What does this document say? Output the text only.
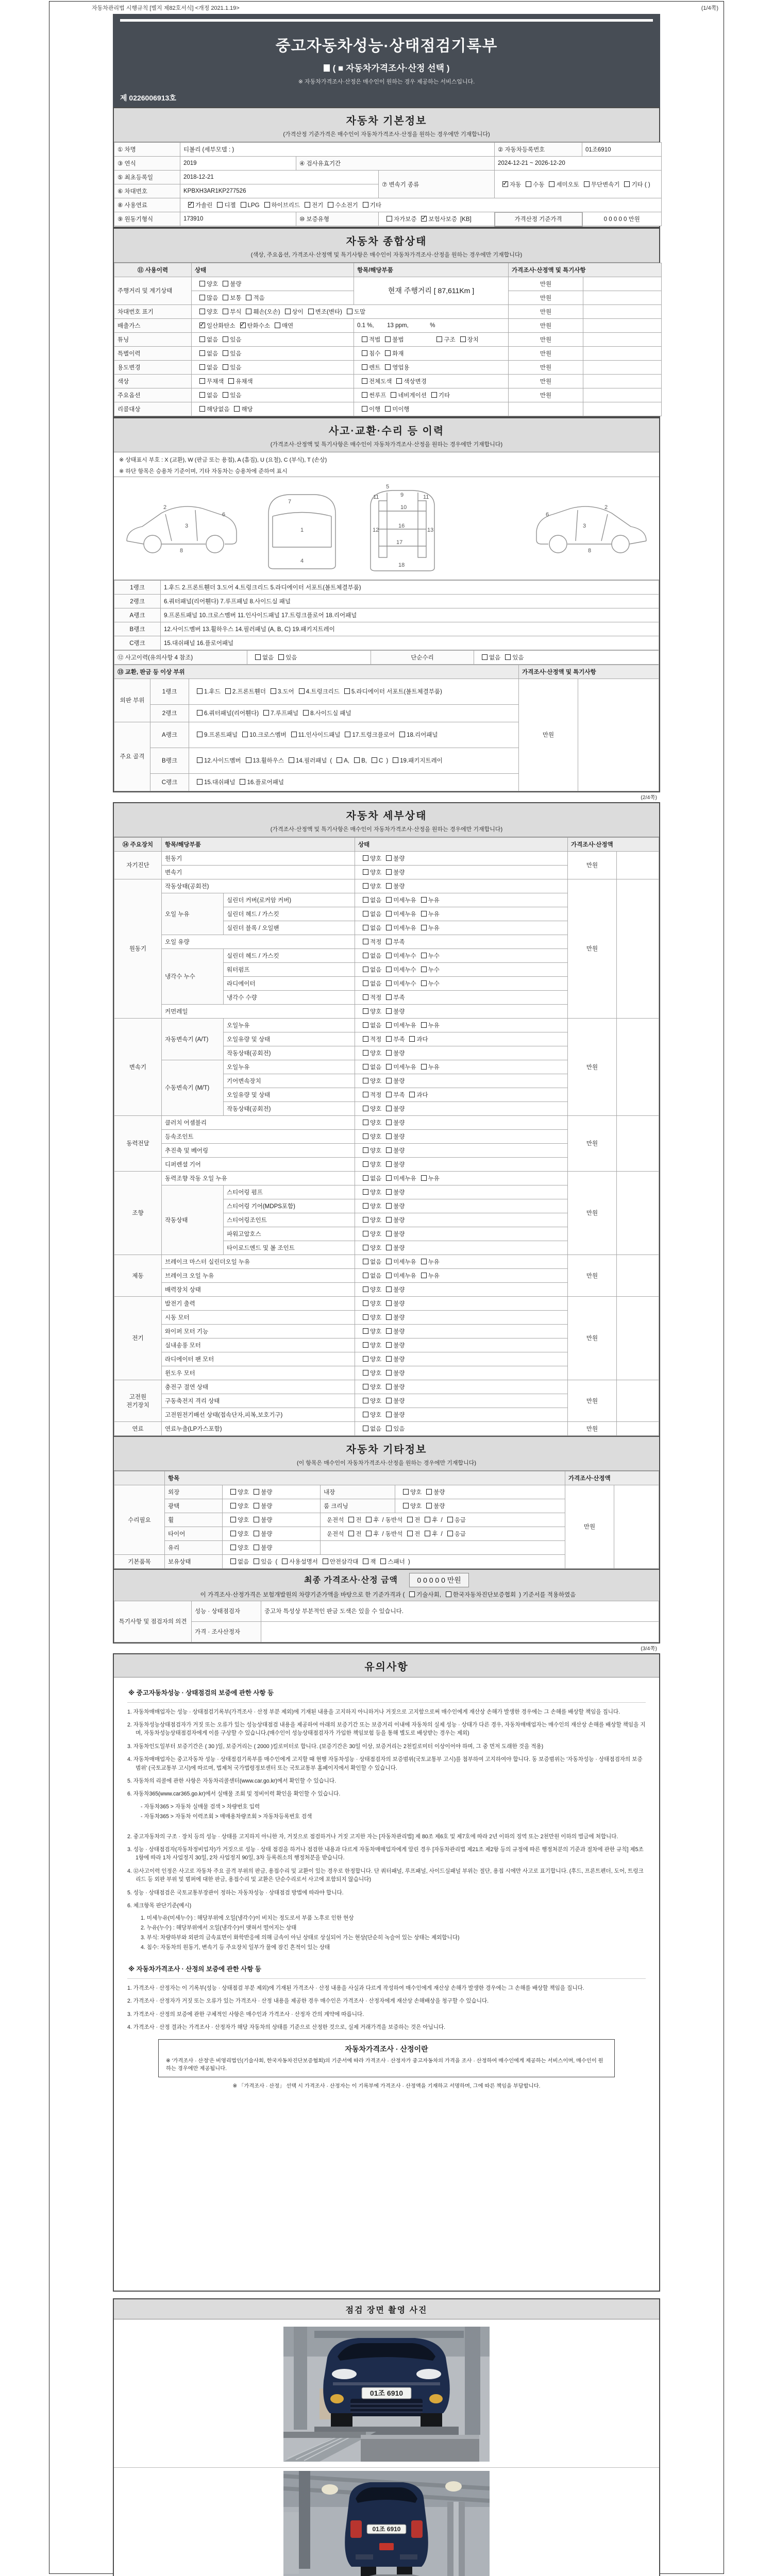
자동차관리법 시행규칙 [별지 제82호서식] <개정 2021.1.19>	(1/4쪽)
중고자동차성능·상태점검기록부
( ■ 자동차가격조사·산정 선택 )
※ 자동차가격조사·산정은 매수인이 원하는 경우 제공하는 서비스입니다.
제 0226006913호
자동차 기본정보
(가격산정 기준가격은 매수인이 자동차가격조사·산정을 원하는 경우에만 기재합니다)
① 차명	티볼리 (세부모델 : )			② 자동차등록번호	01조6910
③ 연식	2019	④ 검사유효기간		2024-12-21 ~ 2026-12-20	
⑤ 최초등록일	2018-12-21		⑦ 변속기 종류	✓자동 수동 세미오토 무단변속기 기타 ( )
⑥ 차대번호	KPBXH3AR1KP277526				
⑧ 사용연료	✓가솔린 디젤 LPG 하이브리드 전기 수소전기 기타
⑨ 원동기형식	173910	⑩ 보증유형	자가보증 ✓ 보험사보증 [KB]	가격산정 기준가격	0 0 0 0 0 만원
자동차 종합상태
(색상, 주요옵션, 가격조사·산정액 및 특기사항은 매수인이 자동차가격조사·산정을 원하는 경우에만 기재합니다)
⑪ 사용이력	상태	항목/해당부품	가격조사·산정액 및 특기사항	
주행거리 및 계기상태	양호 불량	현재 주행거리 [ 87,611Km ]	만원	
	많음 보통 적음		만원	
차대번호 표기	양호 부식 훼손(오손) 상이 변조(변타) 도말		만원	
배출가스	✓일산화탄소 ✓ 탄화수소 매연	0.1 %,        13 ppm,             %	만원	
튜닝	없음 있음	적법 불법 구조 장치	만원	
특별이력	없음 있음	침수 화재	만원	
용도변경	없음 있음	렌트 영업용	만원	
색상	무채색 유채색	전체도색 색상변경	만원	
주요옵션	없음 있음	썬루프 네비게이션 기타	만원	
리콜대상	해당없음 해당	이행 미이행		
사고·교환·수리 등 이력
(가격조사·산정액 및 특기사항은 매수인이 자동차가격조사·산정을 원하는 경우에만 기재합니다)
※ 상태표시 부호 : X (교환), W (판금 또는 용접), A (흠집), U (요철), C (부식), T (손상)
※ 하단 항목은 승용차 기준이며, 기타 자동차는 승용차에 준하여 표시
2
3
6
8
1
7
4
11	11
9
10
12	13
16
17
18
5
2
3
6
8
1랭크	1.후드 2.프론트휀더 3.도어 4.트렁크리드 5.라디에이터 서포트(볼트체결부품)
2랭크	6.쿼터패널(리어휀다) 7.루프패널 8.사이드실 패널
A랭크	9.프론트패널 10.크로스멤버 11.인사이드패널 17.트렁크플로어 18.리어패널
B랭크	12.사이드멤버 13.휠하우스 14.필러패널 (A, B, C) 19.패키지트레이
C랭크	15.대쉬패널 16.플로어패널
⑫ 사고이력(유의사항 4 참조)	없음 있음	단순수리	없음 있음
⑬ 교환, 판금 등 이상 부위			가격조사·산정액 및 특기사항	
외판 부위	1랭크	1.후드 2.프론트휀더 3.도어 4.트렁크리드 5.라디에이터 서포트(볼트체결부품)	만원	
	2랭크	6.쿼터패널(리어휀다) 7.루프패널 8.사이드실 패널		
주요 골격	A랭크	9.프론트패널 10.크로스멤버 11.인사이드패널 17.트렁크플로어 18.리어패널		
	B랭크	12.사이드멤버 13.휠하우스 14.필러패널 ( A, B, C ) 19.패키지트레이		
	C랭크	15.대쉬패널 16.플로어패널		
(2/4쪽)
자동차 세부상태
(가격조사·산정액 및 특기사항은 매수인이 자동차가격조사·산정을 원하는 경우에만 기재합니다)
⑭ 주요장치	항목/해당부품		상태	가격조사·산정액	
자기진단	원동기		양호 불량	만원	
	변속기		양호 불량		
원동기	작동상태(공회전)		양호 불량	만원	
	오일 누유	실린더 커버(로커암 커버)	없음 미세누유 누유		
		실린더 헤드 / 가스킷	없음 미세누유 누유		
		실린더 블록 / 오일팬	없음 미세누유 누유		
	오일 유량		적정 부족		
	냉각수 누수	실린더 헤드 / 가스킷	없음 미세누수 누수		
		워터펌프	없음 미세누수 누수		
		라디에이터	없음 미세누수 누수		
		냉각수 수량	적정 부족		
	커먼레일		양호 불량		
변속기	자동변속기 (A/T)	오일누유	없음 미세누유 누유	만원	
		오일유량 및 상태	적정 부족 과다		
		작동상태(공회전)	양호 불량		
	수동변속기 (M/T)	오일누유	없음 미세누유 누유		
		기어변속장치	양호 불량		
		오일유량 및 상태	적정 부족 과다		
		작동상태(공회전)	양호 불량		
동력전달	클러치 어셈블리		양호 불량	만원	
	등속조인트		양호 불량		
	추진축 및 베어링		양호 불량		
	디퍼렌셜 기어		양호 불량		
조향	동력조향 작동 오일 누유		없음 미세누유 누유	만원	
	작동상태	스티어링 펌프	양호 불량		
		스티어링 기어(MDPS포함)	양호 불량		
		스티어링조인트	양호 불량		
		파워고압호스	양호 불량		
		타이로드엔드 및 볼 조인트	양호 불량		
제동	브레이크 마스터 실린더오일 누유		없음 미세누유 누유	만원	
	브레이크 오일 누유		없음 미세누유 누유		
	배력장치 상태		양호 불량		
전기	발전기 출력		양호 불량	만원	
	시동 모터		양호 불량		
	와이퍼 모터 기능		양호 불량		
	실내송풍 모터		양호 불량		
	라디에이터 팬 모터		양호 불량		
	윈도우 모터		양호 불량		
고전원 전기장치	충전구 절연 상태		양호 불량	만원	
	구동축전지 격리 상태		양호 불량		
	고전원전기배선 상태(접속단자,피복,보호기구)		양호 불량		
연료	연료누출(LP가스포함)		없음 있음	만원	
자동차 기타정보
(이 항목은 매수인이 자동차가격조사·산정을 원하는 경우에만 기재합니다)
	항목				가격조사·산정액	
수리필요	외장	양호 불량	내장	양호 불량	만원	
	광택	양호 불량	룸 크리닝	양호 불량		
	휠	양호 불량	운전석 전 후 / 동반석 전 후 / 응급			
	타이어	양호 불량	운전석 전 후 / 동반석 전 후 / 응급			
	유리	양호 불량				
기본품목	보유상태	없음 있음 ( 사용설명서 안전삼각대 잭 스패너 )				
최종 가격조사·산정 금액	0 0 0 0 0 만원
이 가격조사·산정가격은 보험개발원의 차량기준가액을 바탕으로 한 기준가격과 ( 기술사회, 한국자동차진단보증협회 ) 기준서를 적용하였음
특기사항 및 점검자의 의견	성능 · 상태점검자	중고차 특성상 부분적인 판금 도색은 있을 수 있습니다.
	가격 · 조사산정자	
(3/4쪽)
유의사항
※ 중고자동차성능 · 상태점검의 보증에 관한 사항 등
1. 자동차매매업자는 성능 · 상태점검기록부(가격조사 · 산정 부분 제외)에 기재된 내용을 고지하지 아니하거나 거짓으로 고지함으로써 매수인에게 재산상 손해가 발생한 경우에는 그 손해를 배상할 책임을 집니다.
2. 자동차성능상태점검자가 거짓 또는 오류가 있는 성능상태점검 내용을 제공하여 아래의 보증기간 또는 보증거리 이내에 자동차의 실제 성능 · 상태가 다른 경우, 자동차매매업자는 매수인의 재산상 손해를 배상할 책임을 지며, 자동차성능상태점검자에게 이를 구상할 수 있습니다.(매수인이 성능상태점검자가 가입한 책임보험 등을 통해 별도로 배상받는 경우는 제외)
3. 자동차인도일부터 보증기간은 ( 30 )일, 보증거리는 ( 2000 )킬로미터로 합니다. (보증기간은 30일 이상, 보증거리는 2천킬로미터 이상이어야 하며, 그 중 먼저 도래한 것을 적용)
4. 자동차매매업자는 중고자동차 성능 · 상태점검기록부를 매수인에게 고지할 때 현행 자동차성능 · 상태점검자의 보증범위(국토교통부 고시)를 첨부하여 고지하여야 합니다. 동 보증범위는 '자동차성능 · 상태점검자의 보증범위' (국토교통부 고시)에 따르며, 법제처 국가법령정보센터 또는 국토교통부 홈페이지에서 확인할 수 있습니다.
5. 자동차의 리콜에 관한 사항은 자동차리콜센터(www.car.go.kr)에서 확인할 수 있습니다.
6. 자동차365(www.car365.go.kr)에서 실매물 조회 및 정비이력 확인을 확인할 수 있습니다.
- 자동차365 > 자동차 실매물 검색 > 차량번호 입력
- 자동차365 > 자동차 이력조회 > 매매용차량조회 > 자동차등록번호 검색
2. 중고자동차의 구조 · 장치 등의 성능 · 상태를 고지하지 아니한 자, 거짓으로 점검하거나 거짓 고지한 자는 [자동차관리법] 제 80조 제6호 및 제7호에 따라 2년 이하의 징역 또는 2천만원 이하의 벌금에 처합니다.
3. 성능 · 상태점검자(자동차정비업자)가 거짓으로 성능 · 상태 점검을 하거나 점검한 내용과 다르게 자동차매매업자에게 알린 경우 [자동차관리법 제21조 제2항 등의 규정에 따른 행정처분의 기준과 절차에 관한 규칙] 제5조 1항에 따라 1차 사업정지 30일, 2차 사업정지 90일, 3차 등록취소의 행정처분을 받습니다.
4. ⑫사고이력 인정은 사고로 자동차 주요 골격 부위의 판금, 용접수리 및 교환이 있는 경우로 한정합니다. 단 쿼터패널, 루프패널, 사이드실패널 부위는 절단, 용접 시에만 사고로 표기합니다. (후드, 프론트펜더, 도어, 트렁크리드 등 외판 부위 및 범퍼에 대한 판금, 용접수리 및 교환은 단순수리로서 사고에 포함되지 않습니다)
5. 성능 · 상태점검은 국토교통부장관이 정하는 자동차성능 · 상태점검 방법에 따라야 합니다.
6. 체크항목 판단기준(예시)
1. 미세누유(미세누수) : 해당부위에 오일(냉각수)이 비치는 정도로서 부품 노후로 인한 현상
2. 누유(누수) : 해당부위에서 오일(냉각수)이 맺혀서 떨어지는 상태
3. 부식: 차량하부와 외판의 금속표면이 화학반응에 의해 금속이 아닌 상태로 상실되어 가는 현상(단순히 녹슬어 있는 상태는 제외합니다)
4. 침수: 자동차의 원동기, 변속기 등 주요장치 일부가 물에 잠긴 흔적이 있는 상태
※ 자동차가격조사 · 산정의 보증에 관한 사항 등
1. 가격조사 · 산정자는 이 기록부(성능 · 상태점검 부분 제외)에 기재된 가격조사 · 산정 내용을 사실과 다르게 작성하여 매수인에게 재산상 손해가 발생한 경우에는 그 손해를 배상할 책임을 집니다.
2. 가격조사 · 산정자가 거짓 또는 오류가 있는 가격조사 · 산정 내용을 제공한 경우 매수인은 가격조사 · 산정자에게 재산상 손해배상을 청구할 수 있습니다.
3. 가격조사 · 산정의 보증에 관한 구체적인 사항은 매수인과 가격조사 · 산정자 간의 계약에 따릅니다.
4. 가격조사 · 산정 결과는 가격조사 · 산정자가 해당 자동차의 상태를 기준으로 산정한 것으로, 실제 거래가격을 보증하는 것은 아닙니다.
자동차가격조사 · 산정이란
※ '가격조사 · 산정'은 비영리법인(기술사회, 한국자동차진단보증협회)의 기준서에 따라 가격조사 · 산정자가 중고자동차의 가격을 조사 · 산정하여 매수인에게 제공하는 서비스이며, 매수인이 원하는 경우에만 제공됩니다.
※ 「가격조사 · 산정」 선택 시 가격조사 · 산정자는 이 기록부에 가격조사 · 산정액을 기재하고 서명하며, 그에 따른 책임을 부담합니다.
점검 장면 촬영 사진
01조 6910
01조 6910
